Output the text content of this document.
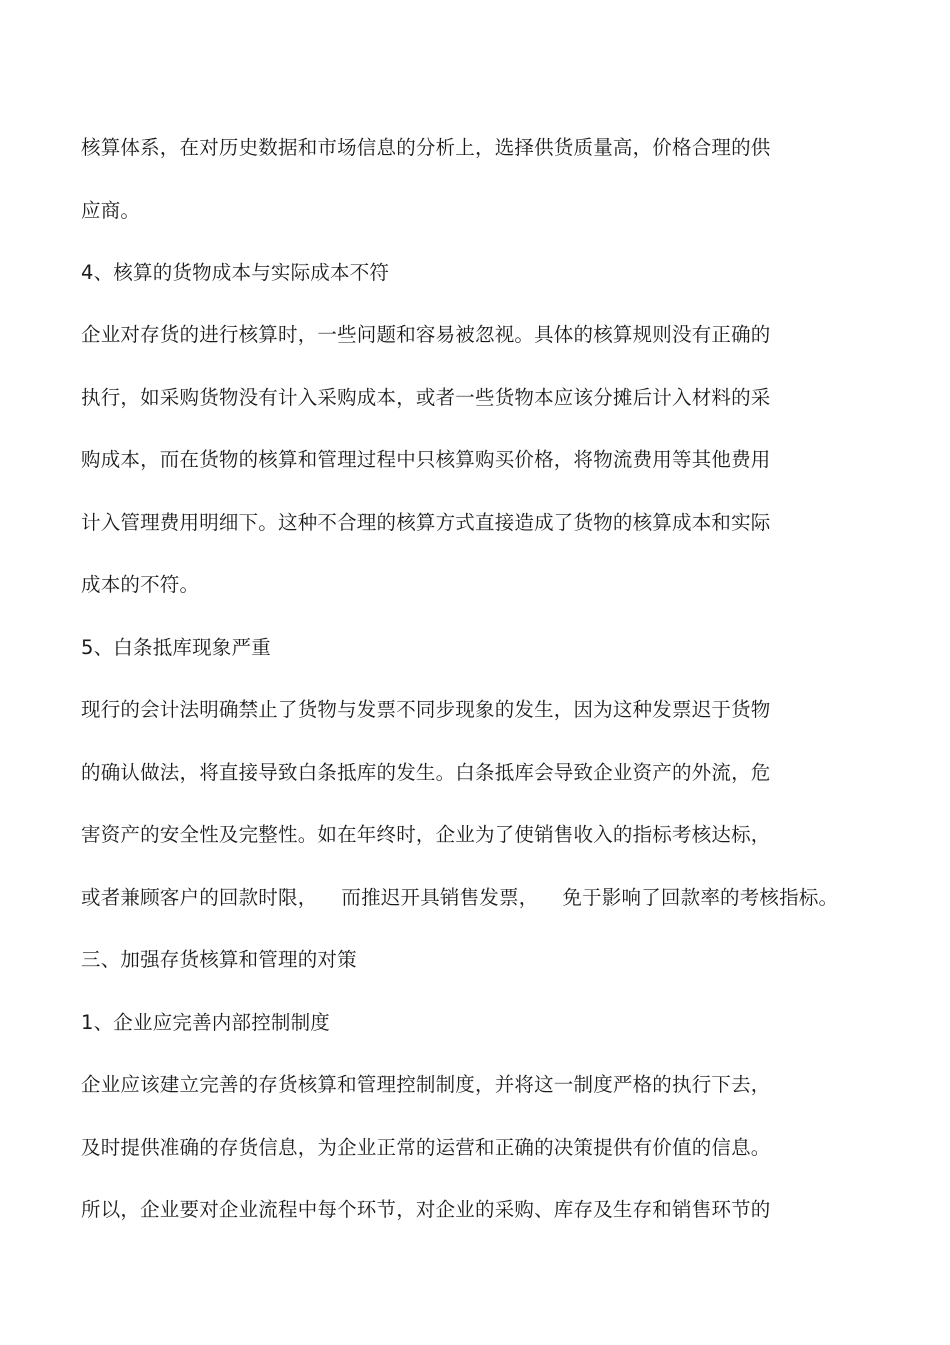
核算体系，在对历史数据和市场信息的分析上，选择供货质量高，价格合理的供
应商。
4、核算的货物成本与实际成本不符
企业对存货的进行核算时，一些问题和容易被忽视。具体的核算规则没有正确的
执行，如采购货物没有计入采购成本，或者一些货物本应该分摊后计入材料的采
购成本，而在货物的核算和管理过程中只核算购买价格，将物流费用等其他费用
计入管理费用明细下。这种不合理的核算方式直接造成了货物的核算成本和实际
成本的不符。
5、白条抵库现象严重
现行的会计法明确禁止了货物与发票不同步现象的发生，因为这种发票迟于货物
的确认做法，将直接导致白条抵库的发生。白条抵库会导致企业资产的外流，危
害资产的安全性及完整性。如在年终时，企业为了使销售收入的指标考核达标，
或者兼顾客户的回款时限， 而推迟开具销售发票， 免于影响了回款率的考核指标。
三、加强存货核算和管理的对策
1、企业应完善内部控制制度
企业应该建立完善的存货核算和管理控制制度，并将这一制度严格的执行下去，
及时提供准确的存货信息，为企业正常的运营和正确的决策提供有价值的信息。
所以，企业要对企业流程中每个环节，对企业的采购、库存及生存和销售环节的
